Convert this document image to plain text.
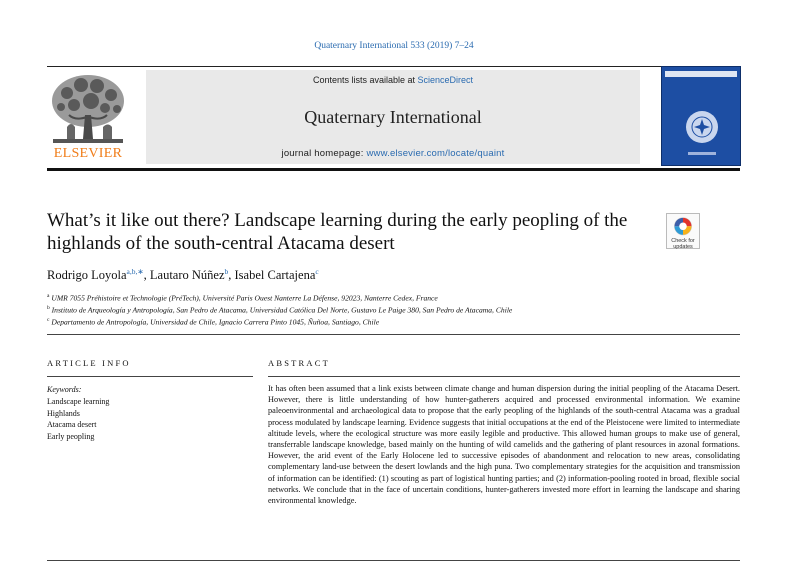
Quaternary International 533 (2019) 7–24
ELSEVIER
Contents lists available at ScienceDirect
Quaternary International
journal homepage: www.elsevier.com/locate/quaint
What’s it like out there? Landscape learning during the early peopling of the highlands of the south-central Atacama desert	Check for updates
Rodrigo Loyola$^{a,b,∗}$, Lautaro Núñez$^b$, Isabel Cartajena$^c$
$^a$ UMR 7055 Préhistoire et Technologie (PréTech), Université Paris Ouest Nanterre La Défense, 92023, Nanterre Cedex, France
$^b$ Instituto de Arqueología y Antropología, San Pedro de Atacama, Universidad Católica Del Norte, Gustavo Le Paige 380, San Pedro de Atacama, Chile
$^c$ Departamento de Antropología, Universidad de Chile, Ignacio Carrera Pinto 1045, Ñuñoa, Santiago, Chile
ARTICLE INFO	ABSTRACT
Keywords:
Landscape learning
Highlands
Atacama desert
Early peopling
It has often been assumed that a link exists between climate change and human dispersion during the initial peopling of the Atacama Desert. However, there is little understanding of how hunter-gatherers acquired and processed environmental information. We examine paleoenvironmental and archaeological data to propose that the early peopling of the highlands of the south-central Atacama was a gradual process modulated by landscape learning. Evidence suggests that initial occupations at the end of the Pleistocene were limited to intermediate altitude levels, where the ecological structure was more easily legible and productive. This allowed human groups to make use of general, transferrable landscape knowledge, based mainly on the hunting of wild camelids and the gathering of plant resources in azonal formations. However, the arid event of the Early Holocene led to successive episodes of abandonment and relocation to new areas, consolidating complementary land-use between the desert lowlands and the high puna. Two complementary strategies for the acquisition and transmission of information can be identified: (1) scouting as part of logistical hunting parties; and (2) information-pooling rooted in broad, flexible social networks. We conclude that in the face of uncertain conditions, hunter-gatherers invested more effort in learning the landscape and sharing environmental knowledge.
